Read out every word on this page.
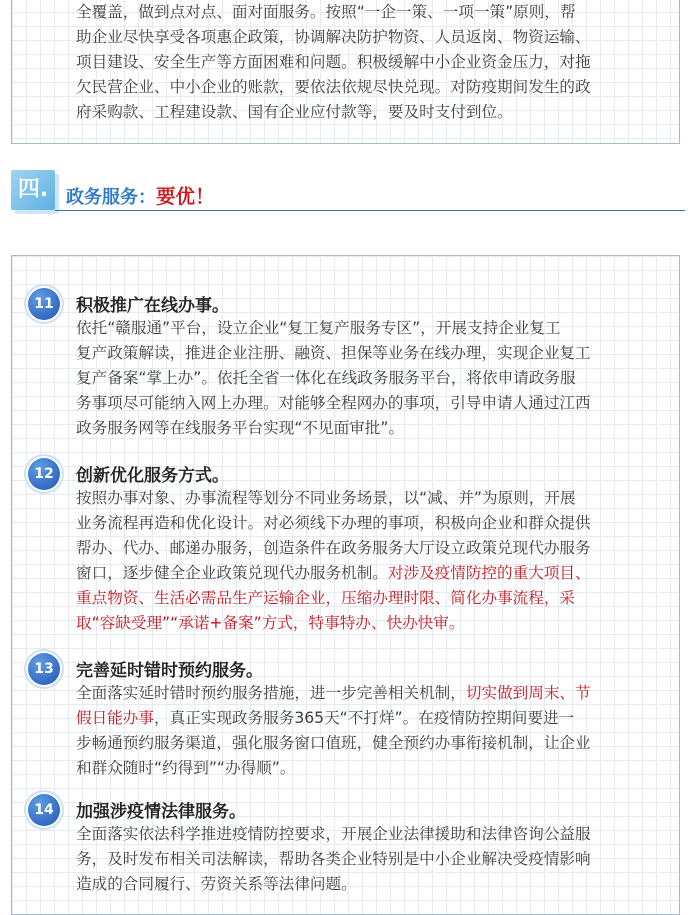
全覆盖，做到点对点、面对面服务。按照“一企一策、一项一策”原则，帮

助企业尽快享受各项惠企政策，协调解决防护物资、人员返岗、物资运输、

项目建设、安全生产等方面困难和问题。积极缓解中小企业资金压力，对拖

欠民营企业、中小企业的账款，要依法依规尽快兑现。对防疫期间发生的政

府采购款、工程建设款、国有企业应付款等，要及时支付到位。

四. 政务服务：要优！
11	积极推广在线办事。

依托“赣服通”平台，设立企业“复工复产服务专区”，开展支持企业复工

复产政策解读，推进企业注册、融资、担保等业务在线办理，实现企业复工

复产备案“掌上办”。依托全省一体化在线政务服务平台，将依申请政务服

务事项尽可能纳入网上办理。对能够全程网办的事项，引导申请人通过江西

政务服务网等在线服务平台实现“不见面审批”。

12	创新优化服务方式。

按照办事对象、办事流程等划分不同业务场景，以“减、并”为原则，开展

业务流程再造和优化设计。对必须线下办理的事项，积极向企业和群众提供

帮办、代办、邮递办服务，创造条件在政务服务大厅设立政策兑现代办服务

窗口，逐步健全企业政策兑现代办服务机制。对涉及疫情防控的重大项目、

重点物资、生活必需品生产运输企业，压缩办理时限、简化办事流程，采

取“容缺受理”“承诺+备案”方式，特事特办、快办快审。

13	完善延时错时预约服务。

全面落实延时错时预约服务措施，进一步完善相关机制，切实做到周末、节

假日能办事，真正实现政务服务365天“不打烊”。在疫情防控期间要进一

步畅通预约服务渠道，强化服务窗口值班，健全预约办事衔接机制，让企业

和群众随时“约得到”“办得顺”。

14	加强涉疫情法律服务。

全面落实依法科学推进疫情防控要求，开展企业法律援助和法律咨询公益服

务，及时发布相关司法解读，帮助各类企业特别是中小企业解决受疫情影响

造成的合同履行、劳资关系等法律问题。
